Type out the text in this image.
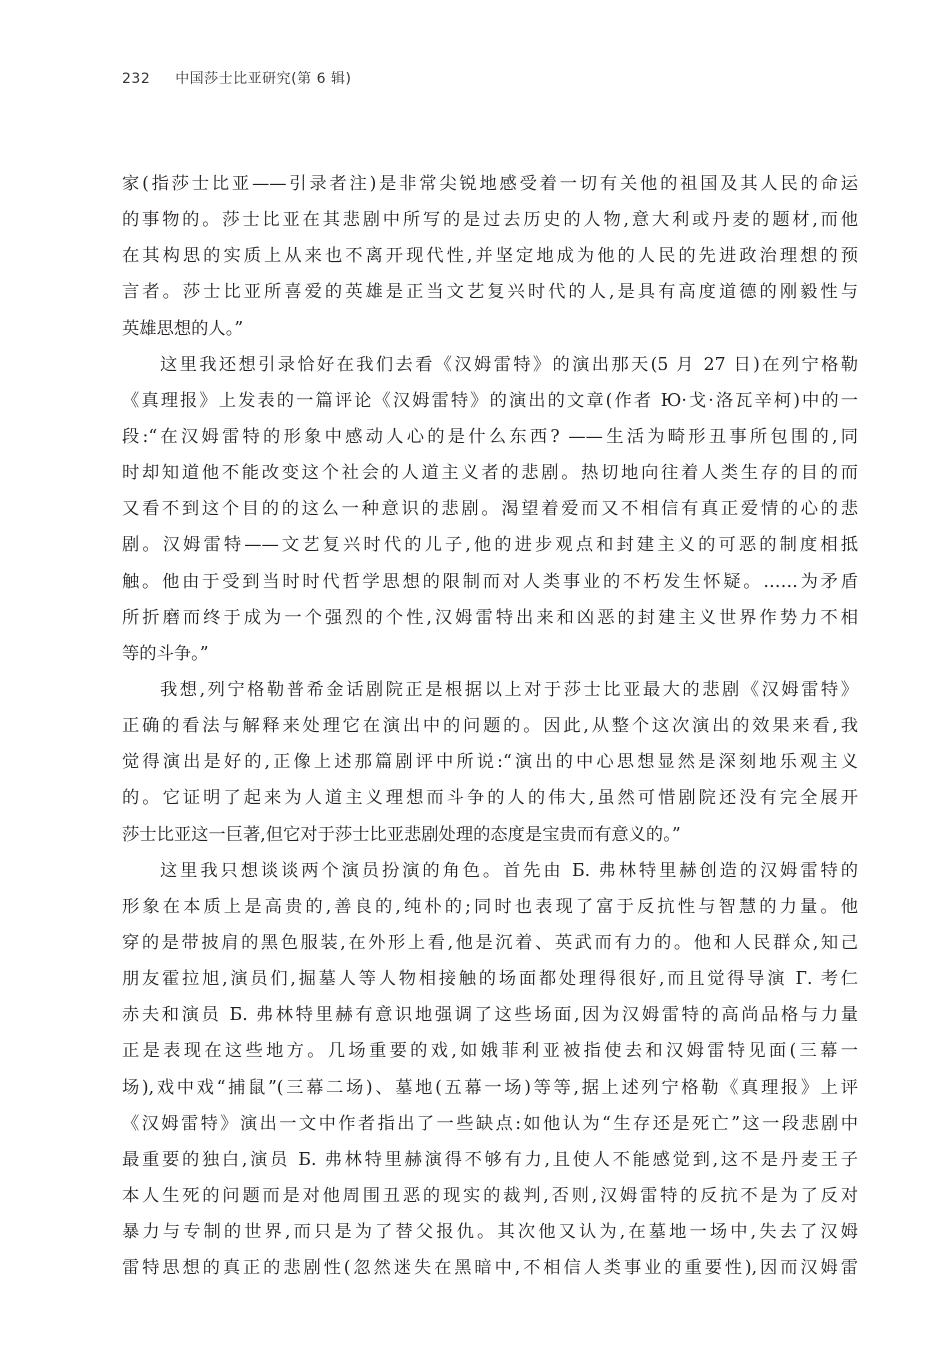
232 中国莎士比亚研究(第 6 辑)
家(指莎士比亚——引录者注)是非常尖锐地感受着一切有关他的祖国及其人民的命运
的事物的。莎士比亚在其悲剧中所写的是过去历史的人物,意大利或丹麦的题材,而他
在其构思的实质上从来也不离开现代性,并坚定地成为他的人民的先进政治理想的预
言者。莎士比亚所喜爱的英雄是正当文艺复兴时代的人,是具有高度道德的刚毅性与
英雄思想的人。”
这里我还想引录恰好在我们去看《汉姆雷特》的演出那天(5 月 27 日)在列宁格勒
《真理报》上发表的一篇评论《汉姆雷特》的演出的文章(作者 Ю·戈·洛瓦辛柯)中的一
段:“在汉姆雷特的形象中感动人心的是什么东西? ——生活为畸形丑事所包围的,同
时却知道他不能改变这个社会的人道主义者的悲剧。热切地向往着人类生存的目的而
又看不到这个目的的这么一种意识的悲剧。渴望着爱而又不相信有真正爱情的心的悲
剧。汉姆雷特——文艺复兴时代的儿子,他的进步观点和封建主义的可恶的制度相抵
触。他由于受到当时时代哲学思想的限制而对人类事业的不朽发生怀疑。……为矛盾
所折磨而终于成为一个强烈的个性,汉姆雷特出来和凶恶的封建主义世界作势力不相
等的斗争。”
我想,列宁格勒普希金话剧院正是根据以上对于莎士比亚最大的悲剧《汉姆雷特》
正确的看法与解释来处理它在演出中的问题的。因此,从整个这次演出的效果来看,我
觉得演出是好的,正像上述那篇剧评中所说:“演出的中心思想显然是深刻地乐观主义
的。它证明了起来为人道主义理想而斗争的人的伟大,虽然可惜剧院还没有完全展开
莎士比亚这一巨著,但它对于莎士比亚悲剧处理的态度是宝贵而有意义的。”
这里我只想谈谈两个演员扮演的角色。首先由 Б. 弗林特里赫创造的汉姆雷特的
形象在本质上是高贵的,善良的,纯朴的;同时也表现了富于反抗性与智慧的力量。他
穿的是带披肩的黑色服装,在外形上看,他是沉着、英武而有力的。他和人民群众,知己
朋友霍拉旭,演员们,掘墓人等人物相接触的场面都处理得很好,而且觉得导演 Г. 考仁
赤夫和演员 Б. 弗林特里赫有意识地强调了这些场面,因为汉姆雷特的高尚品格与力量
正是表现在这些地方。几场重要的戏,如娥菲利亚被指使去和汉姆雷特见面(三幕一
场),戏中戏“捕鼠”(三幕二场)、墓地(五幕一场)等等,据上述列宁格勒《真理报》上评
《汉姆雷特》演出一文中作者指出了一些缺点:如他认为“生存还是死亡”这一段悲剧中
最重要的独白,演员 Б. 弗林特里赫演得不够有力,且使人不能感觉到,这不是丹麦王子
本人生死的问题而是对他周围丑恶的现实的裁判,否则,汉姆雷特的反抗不是为了反对
暴力与专制的世界,而只是为了替父报仇。其次他又认为,在墓地一场中,失去了汉姆
雷特思想的真正的悲剧性(忽然迷失在黑暗中,不相信人类事业的重要性),因而汉姆雷
